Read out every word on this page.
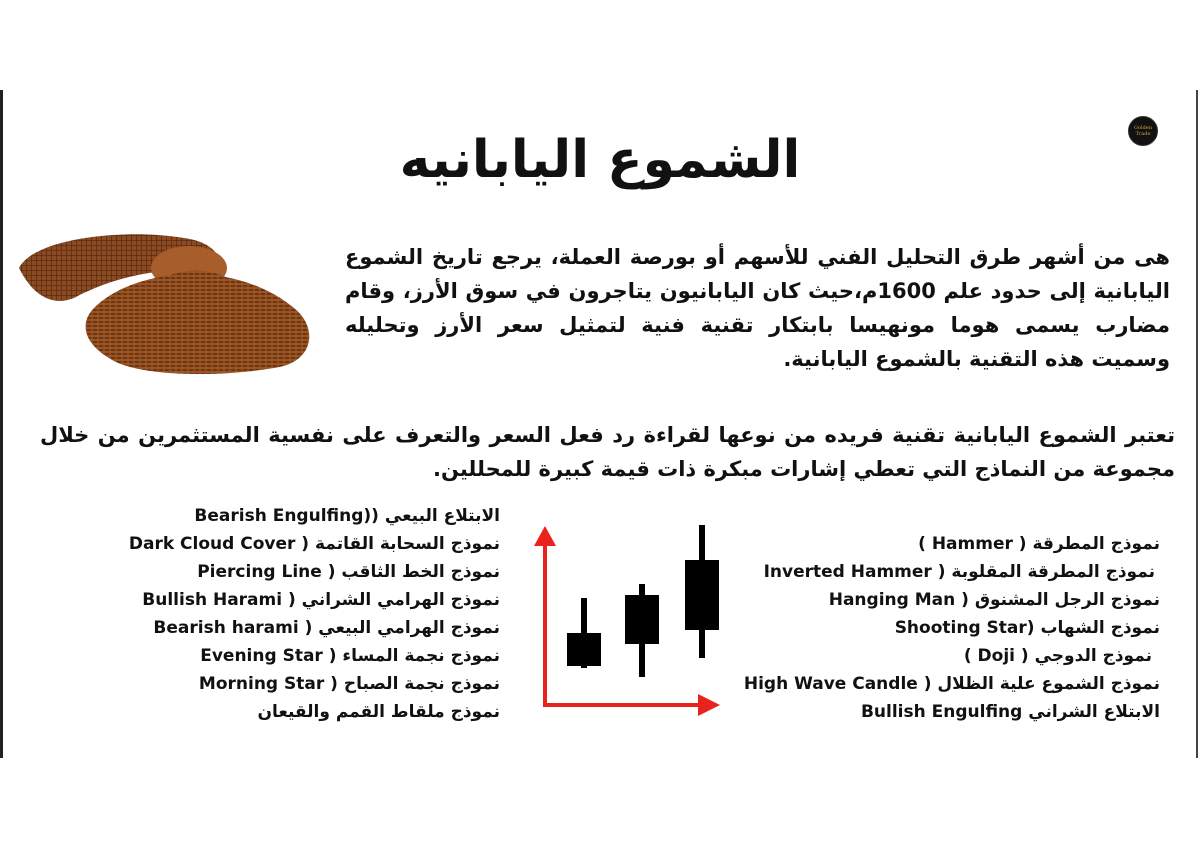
Golden Trade
الشموع اليابانيه

هى من أشهر طرق التحليل الفني للأسهم أو بورصة العملة، يرجع تاريخ الشموع اليابانية إلى حدود علم 1600م،حيث كان اليابانيون يتاجرون في سوق الأرز، وقام مضارب يسمى هوما مونهيسا بابتكار تقنية فنية لتمثيل سعر الأرز وتحليله وسميت هذه التقنية بالشموع اليابانية.

تعتبر الشموع اليابانية تقنية فريده من نوعها لقراءة رد فعل السعر والتعرف على نفسية المستثمرين من خلال مجموعة من النماذج التي تعطي إشارات مبكرة ذات قيمة كبيرة للمحللين.

الابتلاع البيعي ((Bearish Engulfing
نموذج السحابة القاتمة ( Dark Cloud Cover
نموذج الخط الثاقب ( Piercing Line
نموذج الهرامي الشراني ( Bullish Harami
نموذج الهرامي البيعي ( Bearish harami
نموذج نجمة المساء ( Evening Star
نموذج نجمة الصباح ( Morning Star
نموذج ملقاط القمم والقيعان
نموذج المطرقة ( Hammer )
نموذج المطرقة المقلوبة ( Inverted Hammer
نموذج الرجل المشنوق ( Hanging Man
نموذج الشهاب (Shooting Star
نموذج الدوجي ( Doji )
نموذج الشموع علية الظلال ( High Wave Candle
الابتلاع الشراني Bullish Engulfing
